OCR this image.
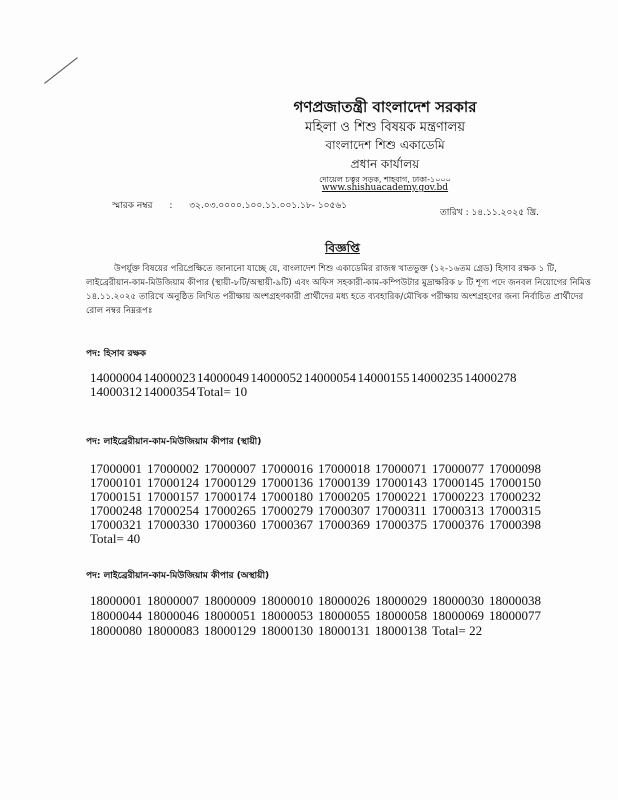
গণপ্রজাতন্ত্রী বাংলাদেশ সরকার
মহিলা ও শিশু বিষয়ক মন্ত্রণালয়
বাংলাদেশ শিশু একাডেমি
প্রধান কার্যালয়
দোয়েল চত্বর সড়ক, শাহবাগ, ঢাকা-১০০০
www.shishuacademy.gov.bd
স্মারক নম্বর : ৩২.০৩.০০০০.১০০.১১.০০১.১৮- ১০৫৬১
তারিখ : ১৪.১১.২০২৫ খ্রি.
বিজ্ঞপ্তি
উপর্যুক্ত বিষয়ের পরিপ্রেক্ষিতে জানানো যাচ্ছে যে, বাংলাদেশ শিশু একাডেমির রাজস্ব খাতভুক্ত (১২-১৬তম গ্রেড) হিসাব রক্ষক ১ টি, লাইব্রেরীয়ান-কাম-মিউজিয়াম কীপার (স্থায়ী-৮টি/অস্থায়ী-৯টি) এবং অফিস সহকারী-কাম-কম্পিউটার মুদ্রাক্ষরিক ৮ টি শূণ্য পদে জনবল নিয়োগের নিমিত্ত ১৪.১১.২০২৫ তারিখে অনুষ্ঠিত লিখিত পরীক্ষায় অংশগ্রহণকারী প্রার্থীদের মধ্য হতে ব্যবহারিক/মৌখিক পরীক্ষায় অংশগ্রহণের জন্য নির্বাচিত প্রার্থীদের রোল নম্বর নিম্নরূপঃ
পদ: হিসাব রক্ষক
14000004 14000023 14000049 14000052 14000054 14000155 14000235 14000278
14000312 14000354 Total= 10
পদ: লাইব্রেরীয়ান-কাম-মিউজিয়াম কীপার (স্থায়ী)
17000001 17000002 17000007 17000016 17000018 17000071 17000077 17000098
17000101 17000124 17000129 17000136 17000139 17000143 17000145 17000150
17000151 17000157 17000174 17000180 17000205 17000221 17000223 17000232
17000248 17000254 17000265 17000279 17000307 17000311 17000313 17000315
17000321 17000330 17000360 17000367 17000369 17000375 17000376 17000398
Total= 40
পদ: লাইব্রেরীয়ান-কাম-মিউজিয়াম কীপার (অস্থায়ী)
18000001 18000007 18000009 18000010 18000026 18000029 18000030 18000038
18000044 18000046 18000051 18000053 18000055 18000058 18000069 18000077
18000080 18000083 18000129 18000130 18000131 18000138 Total= 22
